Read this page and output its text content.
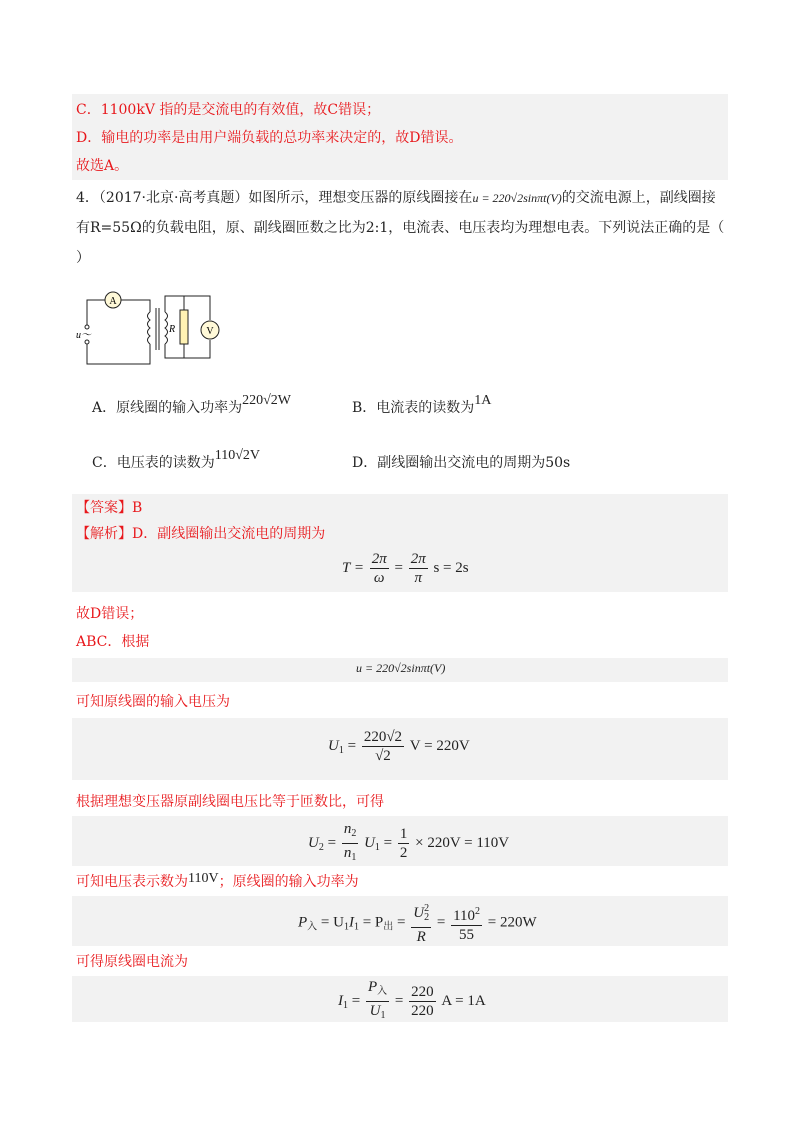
C．1100kV 指的是交流电的有效值，故C错误；
D．输电的功率是由用户端负载的总功率来决定的，故D错误。
故选A。
4．（2017·北京·高考真题）如图所示，理想变压器的原线圈接在u = 220√2sinπt(V)的交流电源上，副线圈接
有R=55Ω的负载电阻，原、副线圈匝数之比为2:1，电流表、电压表均为理想电表。下列说法正确的是（
）
A
R	V
u～
A．原线圈的输入功率为220√2W	B．电流表的读数为1A
C．电压表的读数为110√2V	D．副线圈输出交流电的周期为50s
【答案】B
【解析】D．副线圈输出交流电的周期为
$T = \frac{2\pi}{\omega} = \frac{2\pi}{\pi}$ s = 2s
故D错误；
ABC．根据
u = 220√2sinπt(V)
可知原线圈的输入电压为
$U_1 = \frac{220√2}{√2}$ V = 220V
根据理想变压器原副线圈电压比等于匝数比，可得
$U_2 = \frac{n_2}{n_1} U_1 = \frac{1}{2} \times 220V = 110V$
可知电压表示数为110V；原线圈的输入功率为
$P_入 = U_1I_1 = P_出 = \frac{U^2_2}{R} = \frac{110^2}{55} = 220W$
可得原线圈电流为
$I_1 = \frac{P_入}{U_1} = \frac{220}{220}$ A = 1A
